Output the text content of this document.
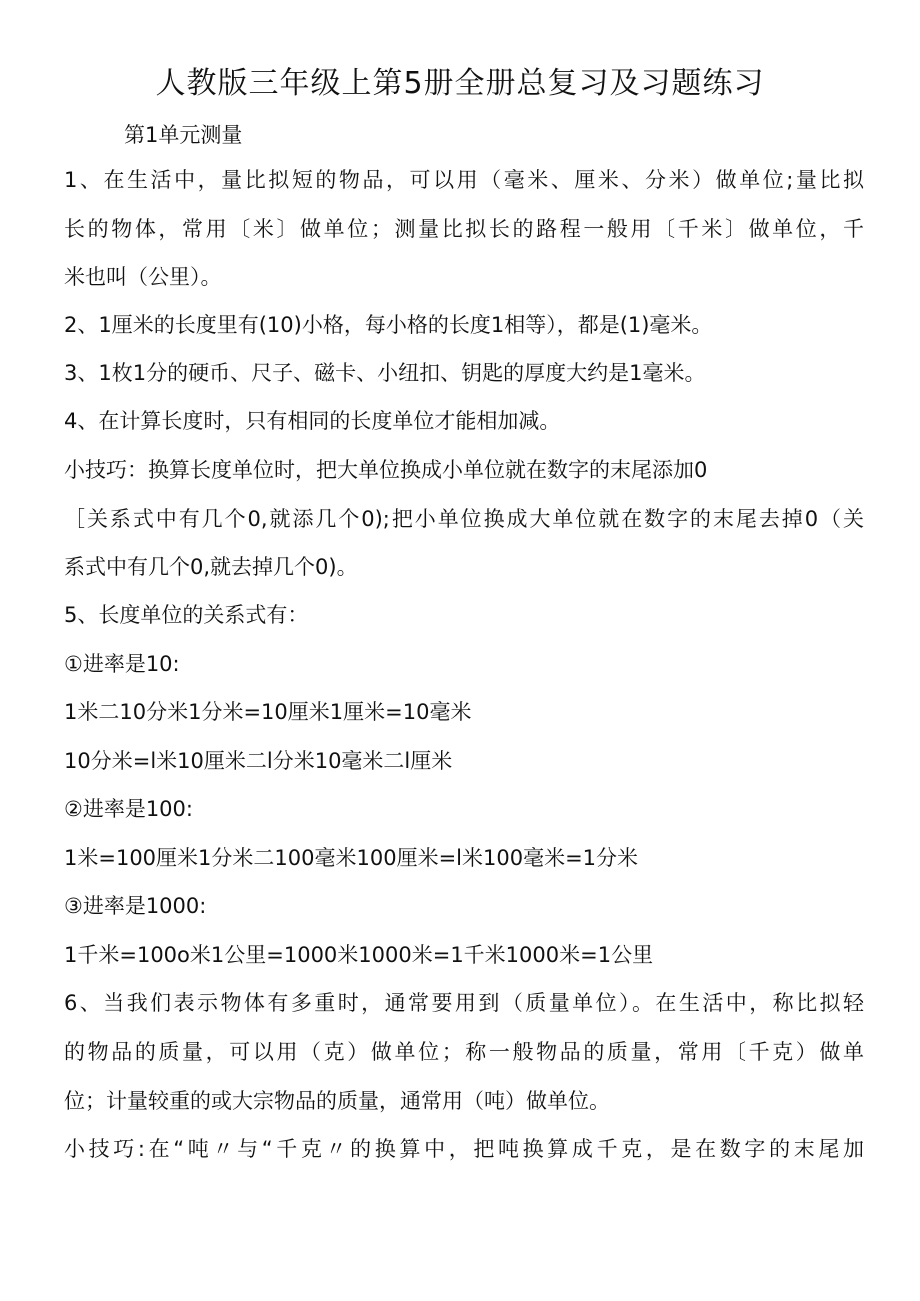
人教版三年级上第5册全册总复习及习题练习
第1单元测量
1、在生活中，量比拟短的物品，可以用（毫米、厘米、分米）做单位;量比拟
长的物体，常用〔米〕做单位；测量比拟长的路程一般用〔千米〕做单位，千
米也叫（公里）。
2、1厘米的长度里有(10)小格，每小格的长度1相等），都是(1)毫米。
3、1枚1分的硬币、尺子、磁卡、小纽扣、钥匙的厚度大约是1毫米。
4、在计算长度时，只有相同的长度单位才能相加减。
小技巧：换算长度单位时，把大单位换成小单位就在数字的末尾添加0
［关系式中有几个0,就添几个0);把小单位换成大单位就在数字的末尾去掉0（关
系式中有几个0,就去掉几个0)。
5、长度单位的关系式有：
①进率是10:
1米二10分米1分米=10厘米1厘米=10毫米
10分米=l米10厘米二l分米10毫米二l厘米
②进率是100:
1米=100厘米1分米二100毫米100厘米=l米100毫米=1分米
③进率是1000:
1千米=100o米1公里=1000米1000米=1千米1000米=1公里
6、当我们表示物体有多重时，通常要用到（质量单位）。在生活中，称比拟轻
的物品的质量，可以用（克）做单位；称一般物品的质量，常用〔千克）做单
位；计量较重的或大宗物品的质量，通常用（吨）做单位。
小技巧:在“吨〃与“千克〃的换算中，把吨换算成千克，是在数字的末尾加
